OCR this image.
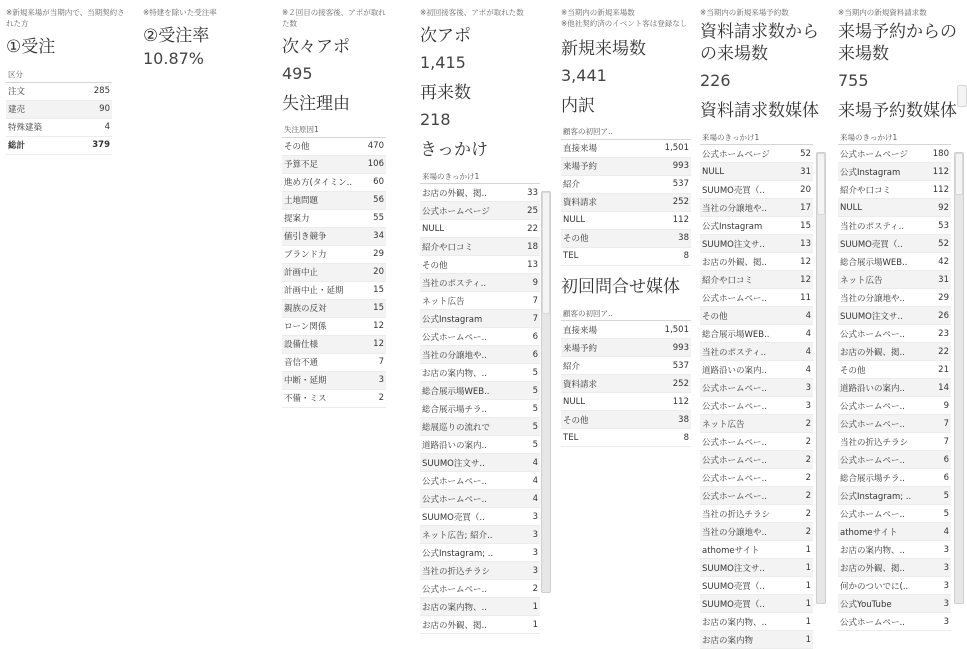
※新規来場が当期内で、当期契約された方
①受注
区分	
注文	285
建売	90
特殊建築	4
総計	379
※特建を除いた受注率
②受注率
10.87%
※２回目の接客後、アポが取れた数
次々アポ
495
失注理由
失注原因1	
その他	470
予算不足	106
進め方(タイミン..	60
土地問題	56
提案力	55
値引き競争	34
ブランド力	29
計画中止	20
計画中止・延期	15
親族の反対	15
ローン関係	12
設備仕様	12
音信不通	7
中断・延期	3
不備・ミス	2
※初回接客後、アポが取れた数
次アポ
1,415
再来数
218
きっかけ
来場のきっかけ1	
お店の外観、掲..	33
公式ホームページ	25
NULL	22
紹介や口コミ	18
その他	13
当社のポスティ..	9
ネット広告	7
公式Instagram	7
公式ホームペー..	6
当社の分譲地や..	6
お店の案内物、..	5
総合展示場WEB..	5
総合展示場チラ..	5
総展巡りの流れで	5
道路沿いの案内..	5
SUUMO注文サ..	4
公式ホームペー..	4
公式ホームペー..	4
SUUMO売買（..	3
ネット広告; 紹介..	3
公式Instagram; ..	3
当社の折込チラシ	3
公式ホームペー..	2
お店の案内物、..	1
お店の外観、掲..	1
※当期内の新規来場数
※他社契約済のイベント客は登録なし
新規来場数
3,441
内訳
顧客の初回ア..	
直接来場	1,501
来場予約	993
紹介	537
資料請求	252
NULL	112
その他	38
TEL	8
初回問合せ媒体
顧客の初回ア..	
直接来場	1,501
来場予約	993
紹介	537
資料請求	252
NULL	112
その他	38
TEL	8
※当期内の新規来場予約数
資料請求数からの来場数
226
資料請求数媒体
来場のきっかけ1	
公式ホームページ	52
NULL	31
SUUMO売買（..	20
当社の分譲地や..	17
公式Instagram	15
SUUMO注文サ..	13
お店の外観、掲..	12
紹介や口コミ	12
公式ホームペー..	11
その他	4
総合展示場WEB..	4
当社のポスティ..	4
道路沿いの案内..	4
公式ホームペー..	3
公式ホームペー..	3
ネット広告	2
公式ホームペー..	2
公式ホームペー..	2
公式ホームペー..	2
公式ホームペー..	2
当社の折込チラシ	2
当社の分譲地や..	2
athomeサイト	1
SUUMO注文サ..	1
SUUMO売買（..	1
SUUMO売買（..	1
お店の案内物、..	1
お店の案内物	1
※当期内の新規資料請求数
来場予約からの来場数
755
来場予約数媒体
来場のきっかけ1	
公式ホームページ	180
公式Instagram	112
紹介や口コミ	112
NULL	92
当社のポスティ..	53
SUUMO売買（..	52
総合展示場WEB..	42
ネット広告	31
当社の分譲地や..	29
SUUMO注文サ..	26
公式ホームペー..	23
お店の外観、掲..	22
その他	21
道路沿いの案内..	14
公式ホームペー..	9
公式ホームペー..	7
当社の折込チラシ	7
公式ホームペー..	6
総合展示場チラ..	6
公式Instagram; ..	5
公式ホームペー..	5
athomeサイト	4
お店の案内物、..	3
お店の外観、掲..	3
何かのついでに(..	3
公式YouTube	3
公式ホームペー..	3
